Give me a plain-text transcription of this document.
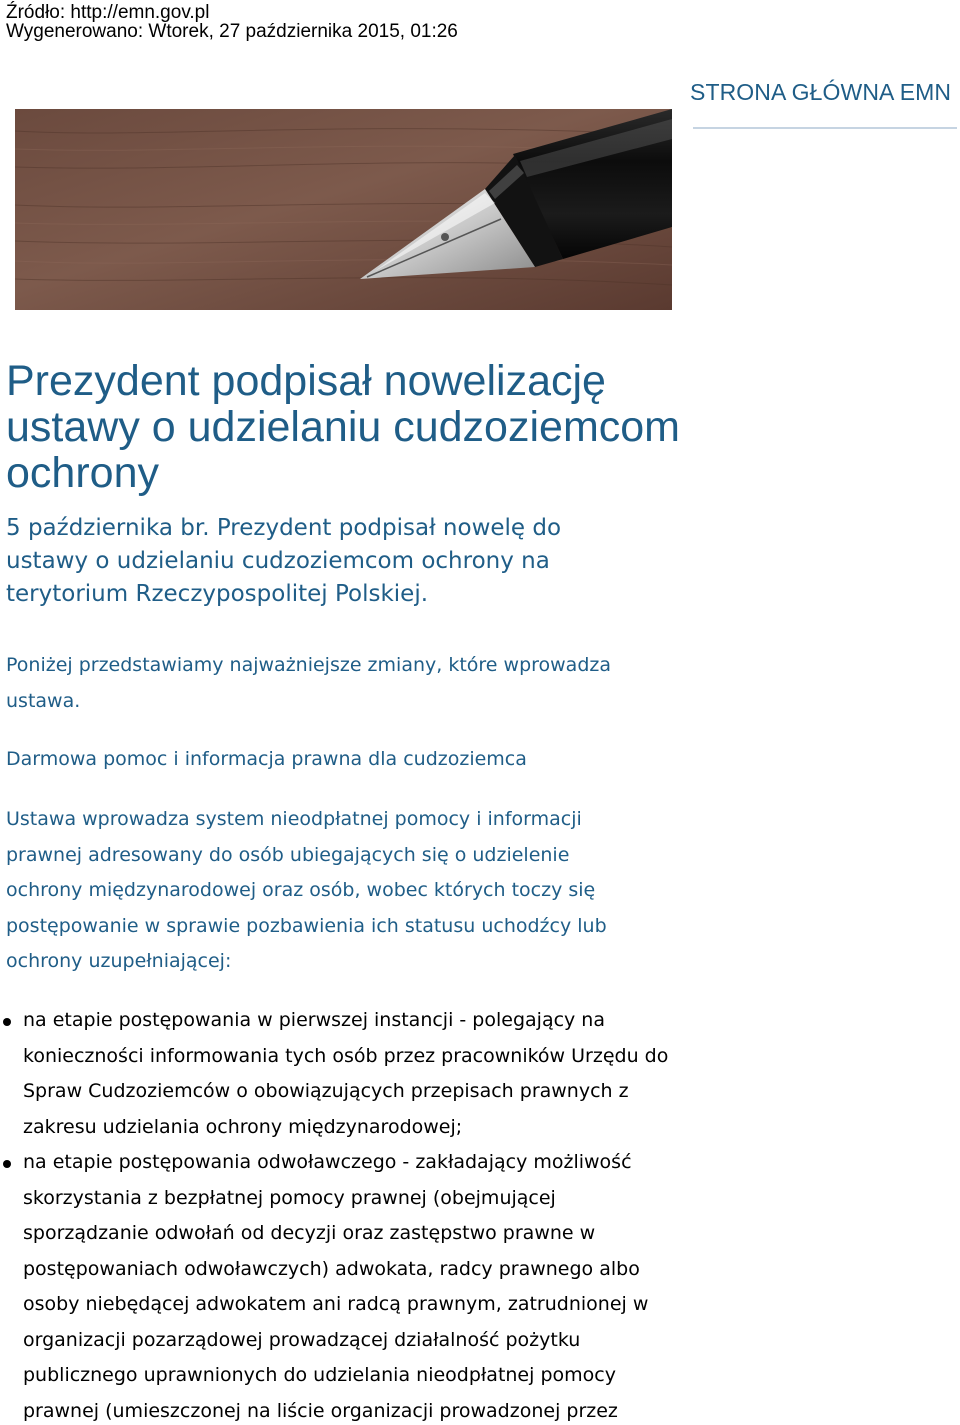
Źródło: http://emn.gov.pl
Wygenerowano: Wtorek, 27 października 2015, 01:26
STRONA GŁÓWNA EMN
Prezydent podpisał nowelizację ustawy o udzielaniu cudzoziemcom ochrony

5 października br. Prezydent podpisał nowelę do ustawy o udzielaniu cudzoziemcom ochrony na terytorium Rzeczypospolitej Polskiej.

Poniżej przedstawiamy najważniejsze zmiany, które wprowadza ustawa.

Darmowa pomoc i informacja prawna dla cudzoziemca

Ustawa wprowadza system nieodpłatnej pomocy i informacji prawnej adresowany do osób ubiegających się o udzielenie ochrony międzynarodowej oraz osób, wobec których toczy się postępowanie w sprawie pozbawienia ich statusu uchodźcy lub ochrony uzupełniającej:

na etapie postępowania w pierwszej instancji - polegający na konieczności informowania tych osób przez pracowników Urzędu do Spraw Cudzoziemców o obowiązujących przepisach prawnych z zakresu udzielania ochrony międzynarodowej;
na etapie postępowania odwoławczego - zakładający możliwość skorzystania z bezpłatnej pomocy prawnej (obejmującej sporządzanie odwołań od decyzji oraz zastępstwo prawne w postępowaniach odwoławczych) adwokata, radcy prawnego albo osoby niebędącej adwokatem ani radcą prawnym, zatrudnionej w organizacji pozarządowej prowadzącej działalność pożytku publicznego uprawnionych do udzielania nieodpłatnej pomocy prawnej (umieszczonej na liście organizacji prowadzonej przez
